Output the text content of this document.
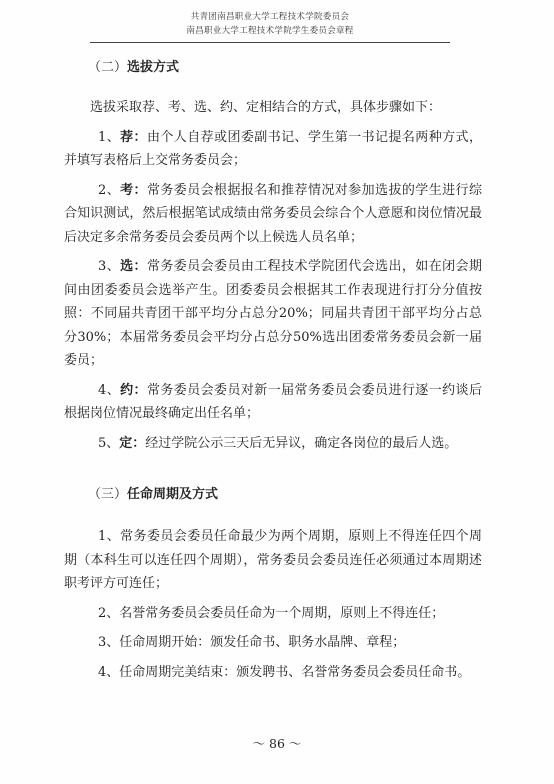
共青团南昌职业大学工程技术学院委员会
南昌职业大学工程技术学院学生委员会章程
（二）选拔方式

选拔采取荐、考、选、约、定相结合的方式，具体步骤如下：

1、荐：由个人自荐或团委副书记、学生第一书记提名两种方式，并填写表格后上交常务委员会；

2、考：常务委员会根据报名和推荐情况对参加选拔的学生进行综合知识测试，然后根据笔试成绩由常务委员会综合个人意愿和岗位情况最后决定多余常务委员会委员两个以上候选人员名单；

3、选：常务委员会委员由工程技术学院团代会选出，如在闭会期间由团委委员会选举产生。团委委员会根据其工作表现进行打分分值按照：不同届共青团干部平均分占总分20%；同届共青团干部平均分占总分30%；本届常务委员会平均分占总分50%选出团委常务委员会新一届委员；

4、约：常务委员会委员对新一届常务委员会委员进行逐一约谈后根据岗位情况最终确定出任名单；

5、定：经过学院公示三天后无异议，确定各岗位的最后人选。

（三）任命周期及方式

1、常务委员会委员任命最少为两个周期，原则上不得连任四个周期（本科生可以连任四个周期），常务委员会委员连任必须通过本周期述职考评方可连任；

2、名誉常务委员会委员任命为一个周期，原则上不得连任；

3、任命周期开始：颁发任命书、职务水晶牌、章程；

4、任命周期完美结束：颁发聘书、名誉常务委员会委员任命书。

～ 86 ～
